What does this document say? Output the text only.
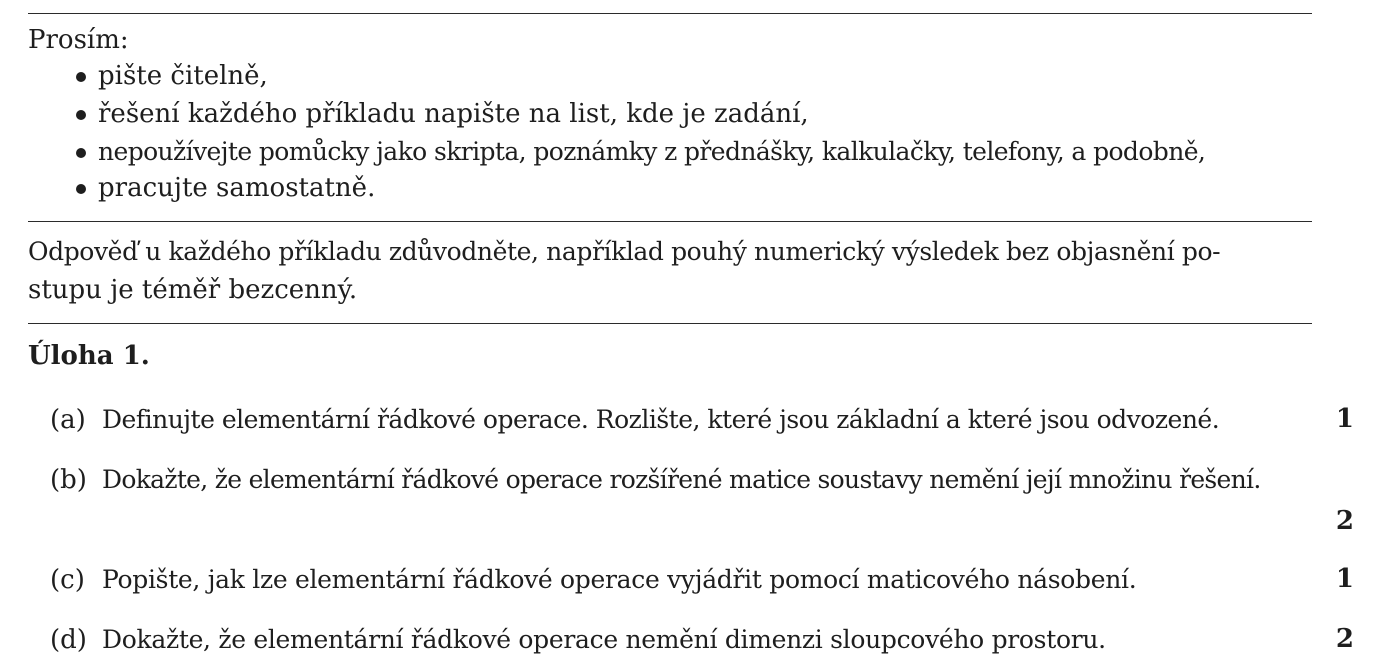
Prosím:
pište čitelně,
řešení každého příkladu napište na list, kde je zadání,
nepoužívejte pomůcky jako skripta, poznámky z přednášky, kalkulačky, telefony, a podobně,
pracujte samostatně.
Odpověď u každého příkladu zdůvodněte, například pouhý numerický výsledek bez objasnění po-
stupu je téměř bezcenný.
Úloha 1.
(a) Definujte elementární řádkové operace. Rozlište, které jsou základní a které jsou odvozené.	1
(b) Dokažte, že elementární řádkové operace rozšířené matice soustavy nemění její množinu řešení.
2
(c) Popište, jak lze elementární řádkové operace vyjádřit pomocí maticového násobení.	1
(d) Dokažte, že elementární řádkové operace nemění dimenzi sloupcového prostoru.	2
